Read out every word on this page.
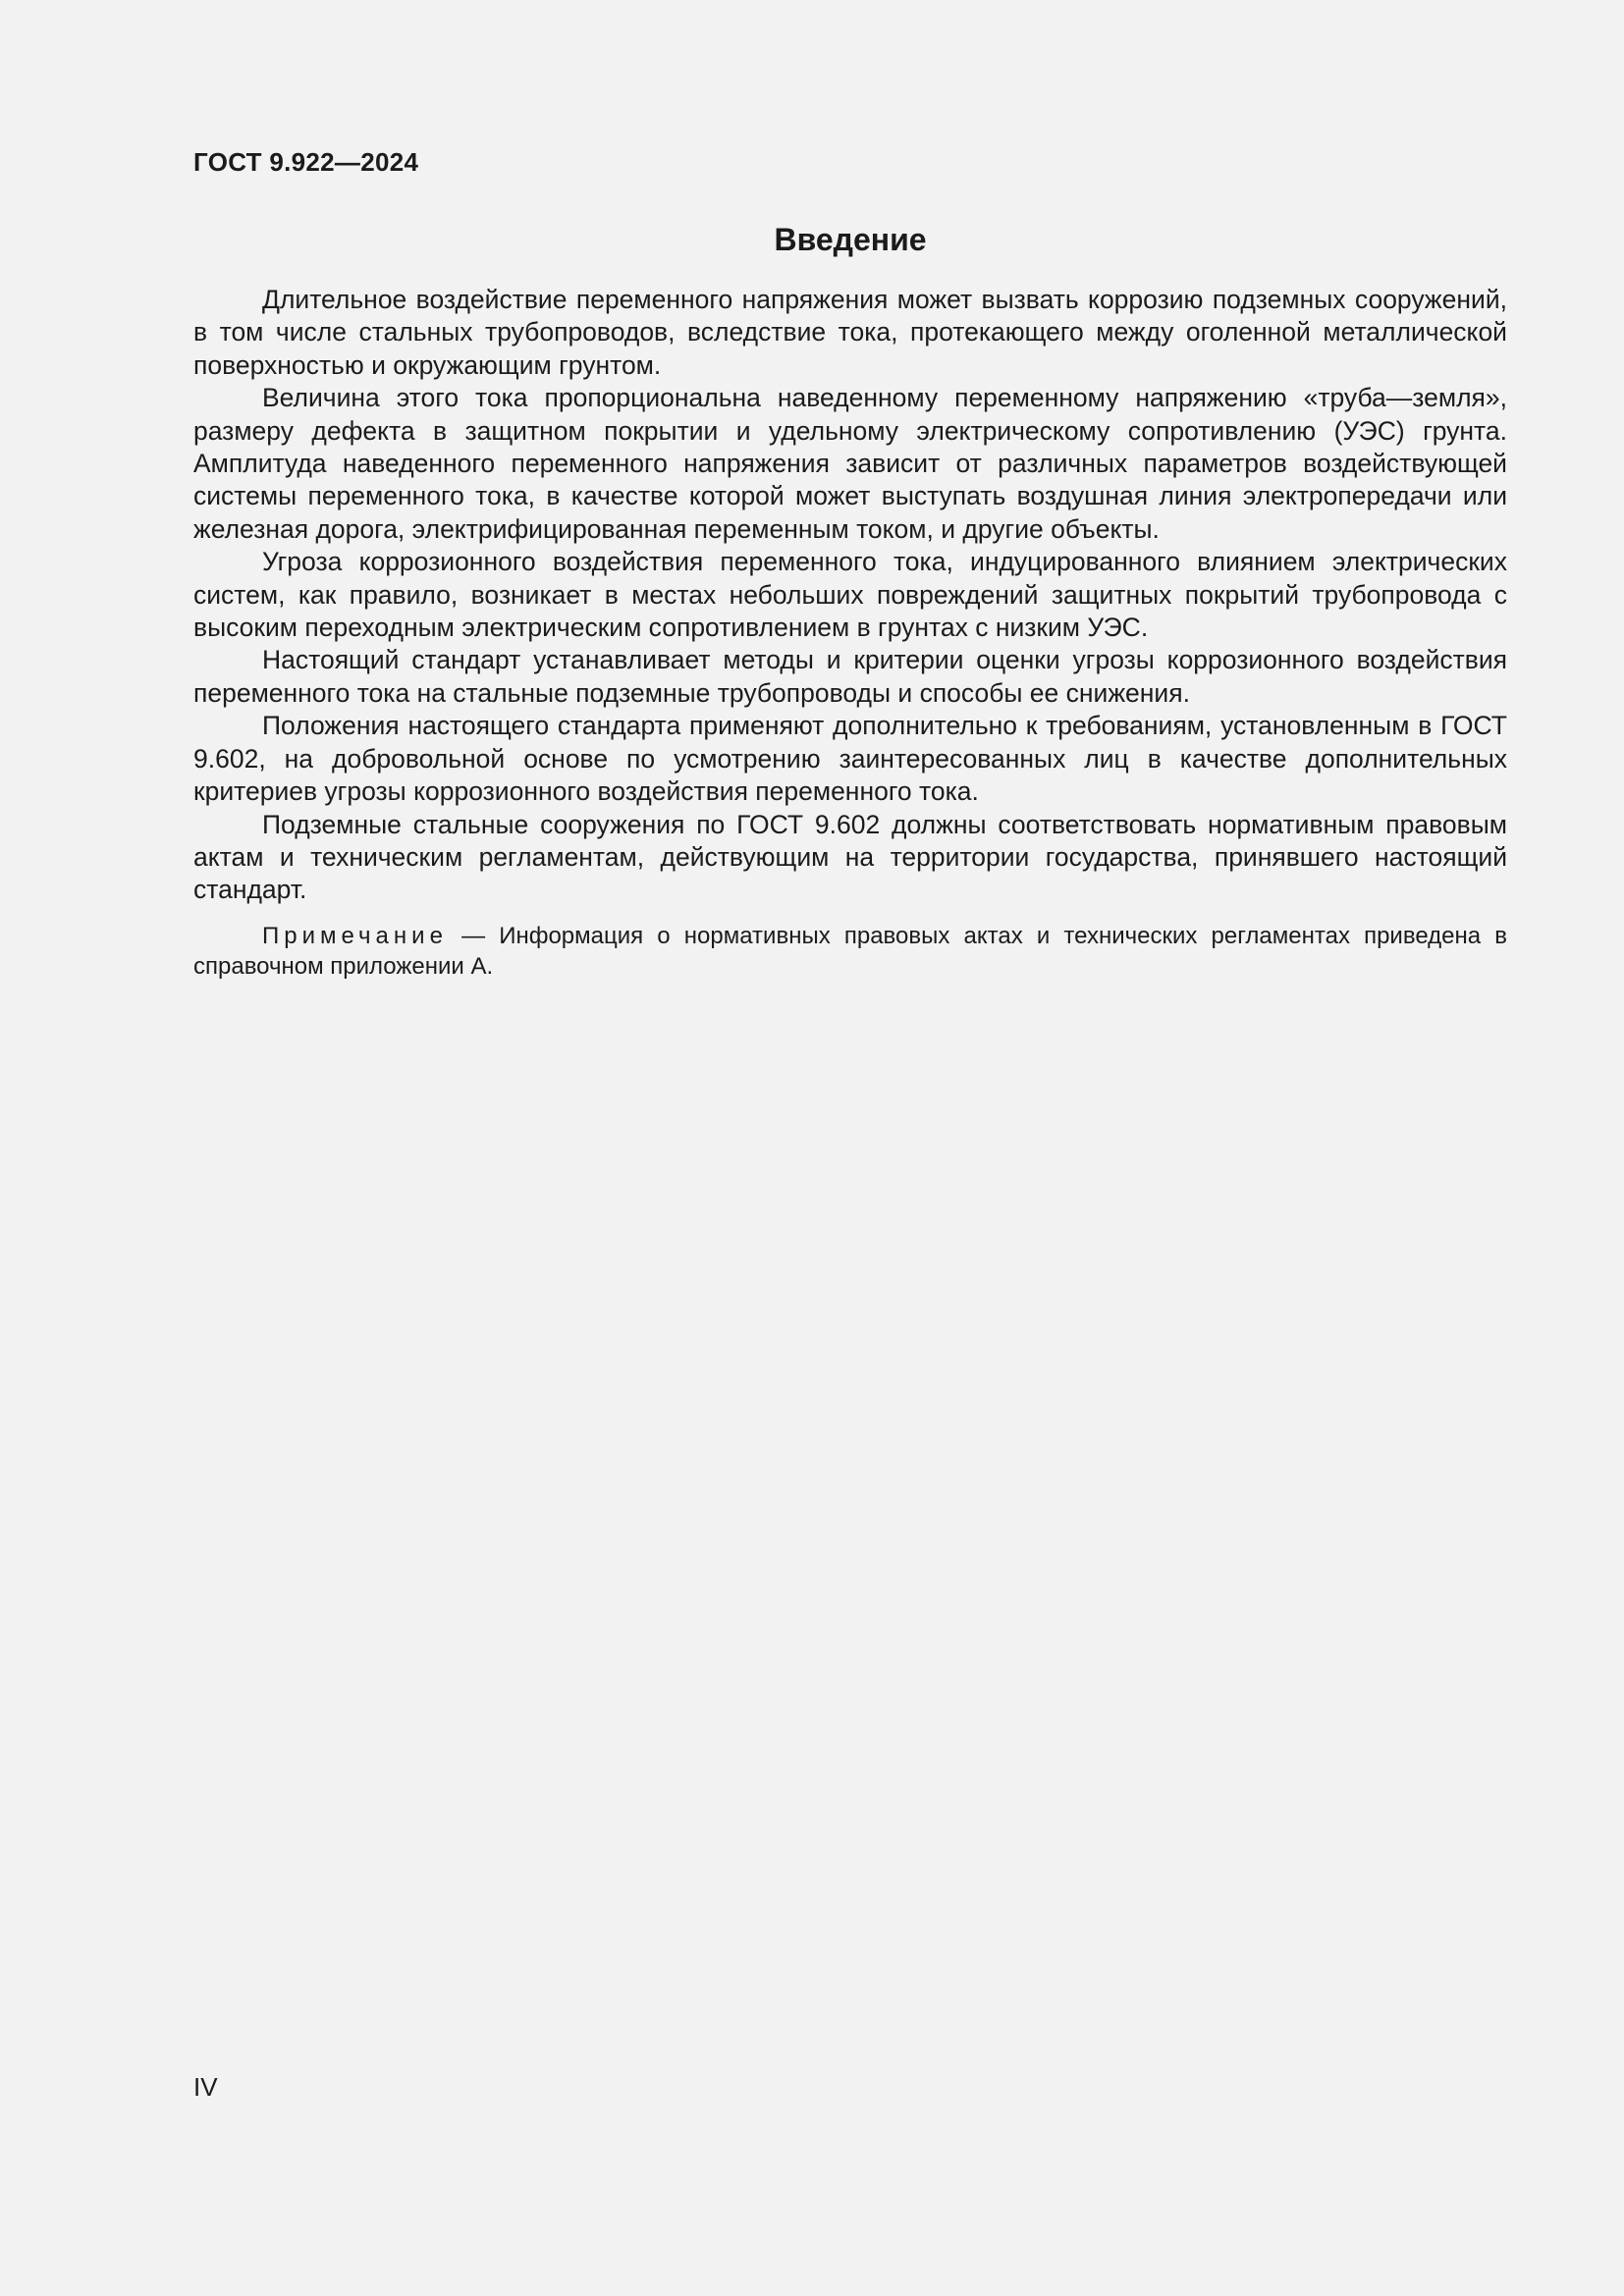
ГОСТ 9.922—2024
Введение

Длительное воздействие переменного напряжения может вызвать коррозию подземных сооружений, в том числе стальных трубопроводов, вследствие тока, протекающего между оголенной металлической поверхностью и окружающим грунтом.

Величина этого тока пропорциональна наведенному переменному напряжению «труба—земля», размеру дефекта в защитном покрытии и удельному электрическому сопротивлению (УЭС) грунта. Амплитуда наведенного переменного напряжения зависит от различных параметров воздействующей системы переменного тока, в качестве которой может выступать воздушная линия электропередачи или железная дорога, электрифицированная переменным током, и другие объекты.

Угроза коррозионного воздействия переменного тока, индуцированного влиянием электрических систем, как правило, возникает в местах небольших повреждений защитных покрытий трубопровода с высоким переходным электрическим сопротивлением в грунтах с низким УЭС.

Настоящий стандарт устанавливает методы и критерии оценки угрозы коррозионного воздействия переменного тока на стальные подземные трубопроводы и способы ее снижения.

Положения настоящего стандарта применяют дополнительно к требованиям, установленным в ГОСТ 9.602, на добровольной основе по усмотрению заинтересованных лиц в качестве дополнительных критериев угрозы коррозионного воздействия переменного тока.

Подземные стальные сооружения по ГОСТ 9.602 должны соответствовать нормативным правовым актам и техническим регламентам, действующим на территории государства, принявшего настоящий стандарт.

Примечание — Информация о нормативных правовых актах и технических регламентах приведена в справочном приложении А.

IV
